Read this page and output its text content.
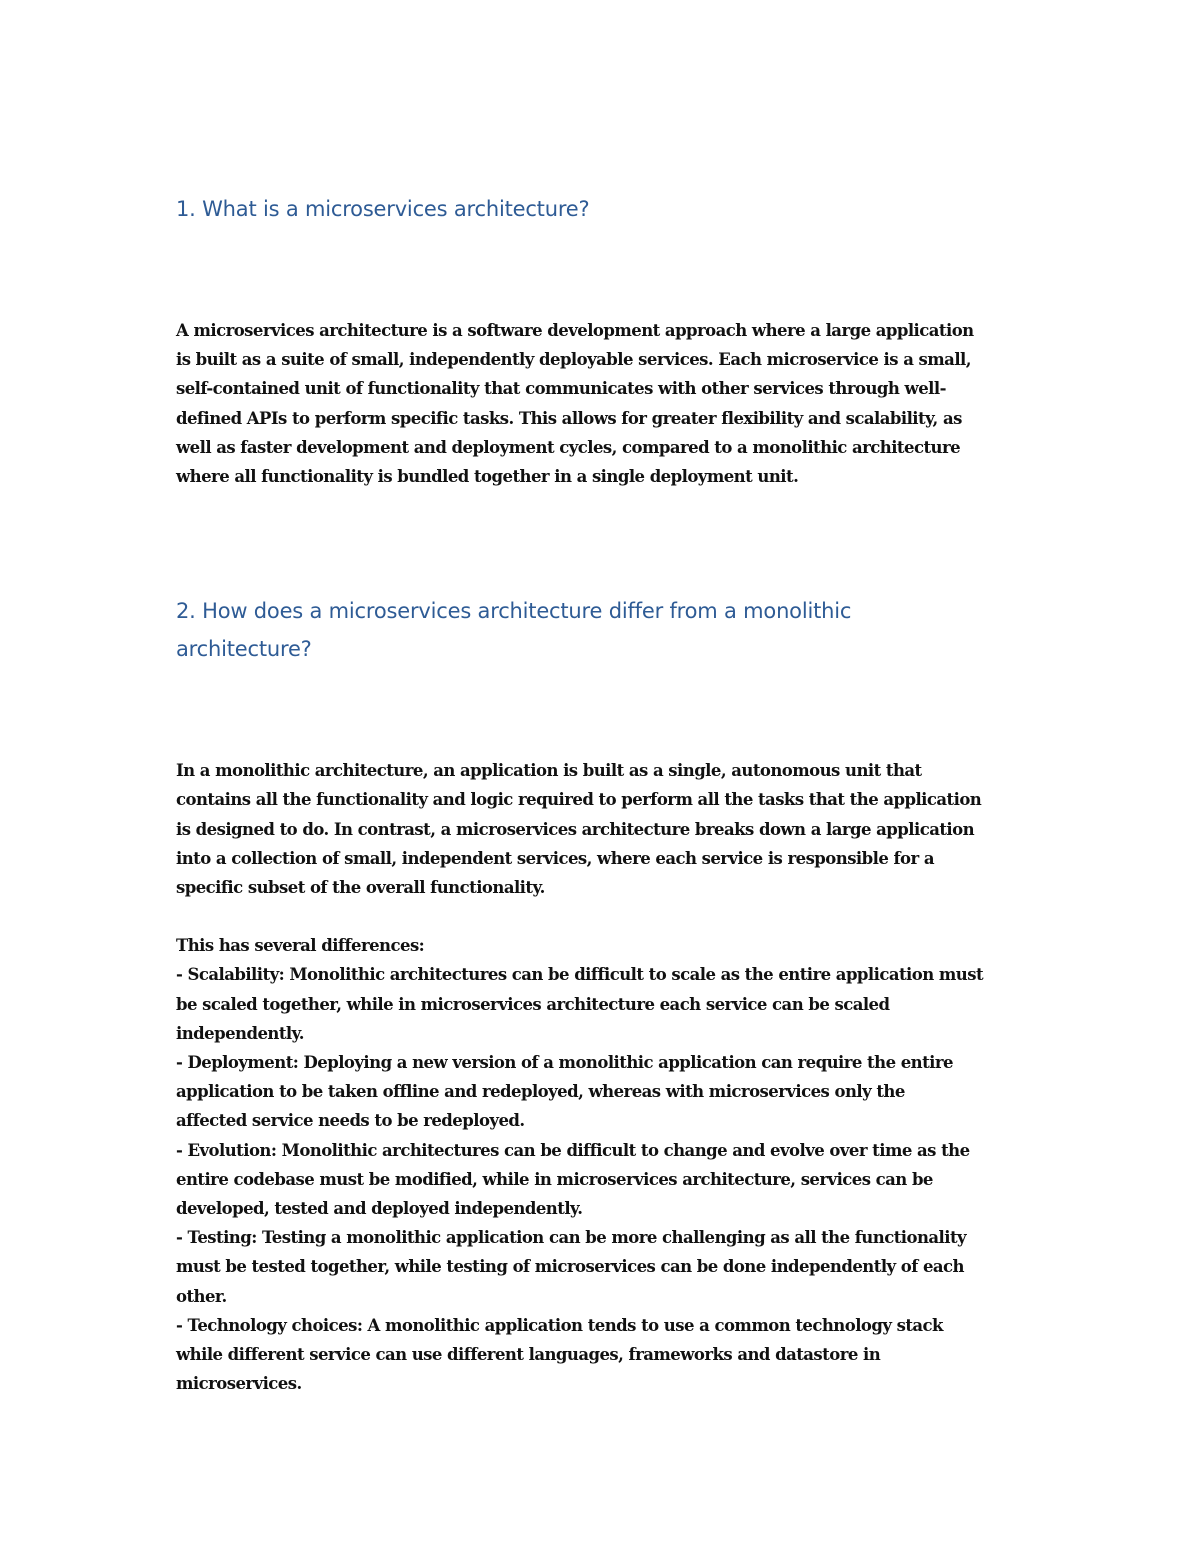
1. What is a microservices architecture?

A microservices architecture is a software development approach where a large application
is built as a suite of small, independently deployable services. Each microservice is a small,
self-contained unit of functionality that communicates with other services through well-
defined APIs to perform specific tasks. This allows for greater flexibility and scalability, as
well as faster development and deployment cycles, compared to a monolithic architecture
where all functionality is bundled together in a single deployment unit.

2. How does a microservices architecture differ from a monolithic
architecture?

In a monolithic architecture, an application is built as a single, autonomous unit that
contains all the functionality and logic required to perform all the tasks that the application
is designed to do. In contrast, a microservices architecture breaks down a large application
into a collection of small, independent services, where each service is responsible for a
specific subset of the overall functionality.

This has several differences:
- Scalability: Monolithic architectures can be difficult to scale as the entire application must
be scaled together, while in microservices architecture each service can be scaled
independently.
- Deployment: Deploying a new version of a monolithic application can require the entire
application to be taken offline and redeployed, whereas with microservices only the
affected service needs to be redeployed.
- Evolution: Monolithic architectures can be difficult to change and evolve over time as the
entire codebase must be modified, while in microservices architecture, services can be
developed, tested and deployed independently.
- Testing: Testing a monolithic application can be more challenging as all the functionality
must be tested together, while testing of microservices can be done independently of each
other.
- Technology choices: A monolithic application tends to use a common technology stack
while different service can use different languages, frameworks and datastore in
microservices.
